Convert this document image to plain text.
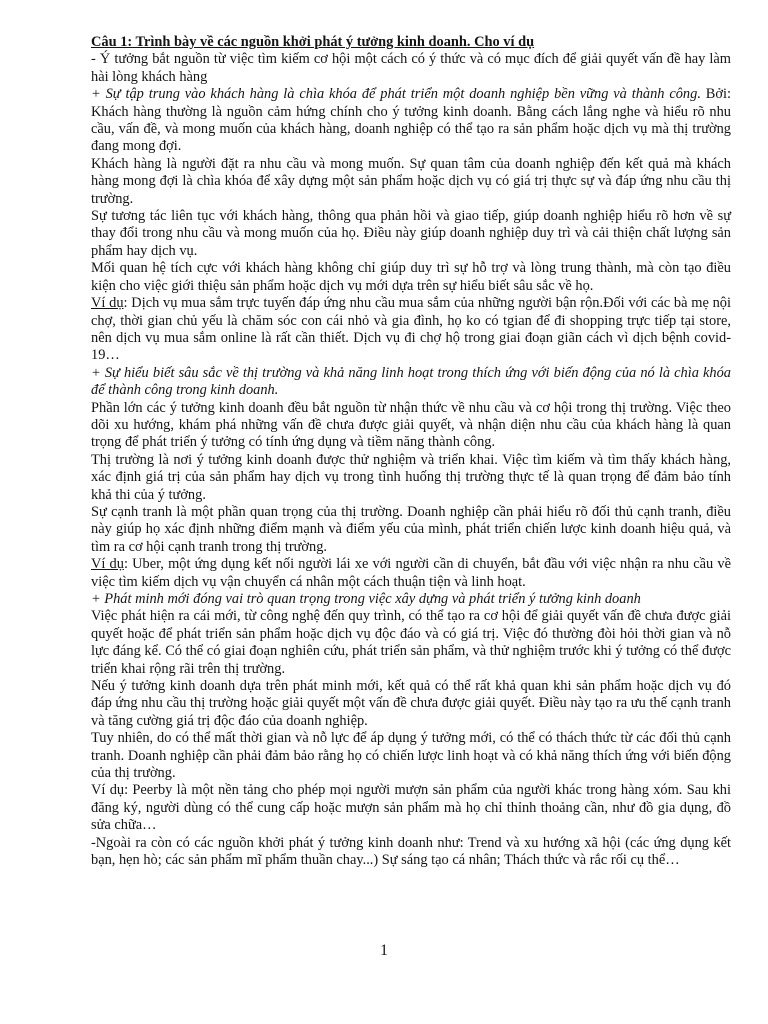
Câu 1: Trình bày về các nguồn khởi phát ý tưởng kinh doanh. Cho ví dụ

- Ý tưởng bắt nguồn từ việc tìm kiếm cơ hội một cách có ý thức và có mục đích để giải quyết vấn đề hay làm hài lòng khách hàng

+ Sự tập trung vào khách hàng là chìa khóa để phát triển một doanh nghiệp bền vững và thành công. Bởi: Khách hàng thường là nguồn cảm hứng chính cho ý tưởng kinh doanh. Bằng cách lắng nghe và hiểu rõ nhu cầu, vấn đề, và mong muốn của khách hàng, doanh nghiệp có thể tạo ra sản phẩm hoặc dịch vụ mà thị trường đang mong đợi.

Khách hàng là người đặt ra nhu cầu và mong muốn. Sự quan tâm của doanh nghiệp đến kết quả mà khách hàng mong đợi là chìa khóa để xây dựng một sản phẩm hoặc dịch vụ có giá trị thực sự và đáp ứng nhu cầu thị trường.

Sự tương tác liên tục với khách hàng, thông qua phản hồi và giao tiếp, giúp doanh nghiệp hiểu rõ hơn về sự thay đổi trong nhu cầu và mong muốn của họ. Điều này giúp doanh nghiệp duy trì và cải thiện chất lượng sản phẩm hay dịch vụ.

Mối quan hệ tích cực với khách hàng không chỉ giúp duy trì sự hỗ trợ và lòng trung thành, mà còn tạo điều kiện cho việc giới thiệu sản phẩm hoặc dịch vụ mới dựa trên sự hiểu biết sâu sắc về họ.

Ví dụ: Dịch vụ mua sắm trực tuyến đáp ứng nhu cầu mua sắm của những người bận rộn.Đối với các bà mẹ nội chợ, thời gian chủ yếu là chăm sóc con cái nhỏ và gia đình, họ ko có tgian để đi shopping trực tiếp tại store, nên dịch vụ mua sắm online là rất cần thiết. Dịch vụ đi chợ hộ trong giai đoạn giãn cách vì dịch bệnh covid-19…

+ Sự hiểu biết sâu sắc về thị trường và khả năng linh hoạt trong thích ứng với biến động của nó là chìa khóa để thành công trong kinh doanh.

Phần lớn các ý tưởng kinh doanh đều bắt nguồn từ nhận thức về nhu cầu và cơ hội trong thị trường. Việc theo dõi xu hướng, khám phá những vấn đề chưa được giải quyết, và nhận diện nhu cầu của khách hàng là quan trọng để phát triển ý tưởng có tính ứng dụng và tiềm năng thành công.

Thị trường là nơi ý tưởng kinh doanh được thử nghiệm và triển khai. Việc tìm kiếm và tìm thấy khách hàng, xác định giá trị của sản phẩm hay dịch vụ trong tình huống thị trường thực tế là quan trọng để đảm bảo tính khả thi của ý tưởng.

Sự cạnh tranh là một phần quan trọng của thị trường. Doanh nghiệp cần phải hiểu rõ đối thủ cạnh tranh, điều này giúp họ xác định những điểm mạnh và điểm yếu của mình, phát triển chiến lược kinh doanh hiệu quả, và tìm ra cơ hội cạnh tranh trong thị trường.

Ví dụ: Uber, một ứng dụng kết nối người lái xe với người cần di chuyển, bắt đầu với việc nhận ra nhu cầu về việc tìm kiếm dịch vụ vận chuyển cá nhân một cách thuận tiện và linh hoạt.

+ Phát minh mới đóng vai trò quan trọng trong việc xây dựng và phát triển ý tưởng kinh doanh

Việc phát hiện ra cái mới, từ công nghệ đến quy trình, có thể tạo ra cơ hội để giải quyết vấn đề chưa được giải quyết hoặc để phát triển sản phẩm hoặc dịch vụ độc đáo và có giá trị. Việc đó thường đòi hỏi thời gian và nỗ lực đáng kể. Có thể có giai đoạn nghiên cứu, phát triển sản phẩm, và thử nghiệm trước khi ý tưởng có thể được triển khai rộng rãi trên thị trường.

Nếu ý tưởng kinh doanh dựa trên phát minh mới, kết quả có thể rất khả quan khi sản phẩm hoặc dịch vụ đó đáp ứng nhu cầu thị trường hoặc giải quyết một vấn đề chưa được giải quyết. Điều này tạo ra ưu thế cạnh tranh và tăng cường giá trị độc đáo của doanh nghiệp.

Tuy nhiên, do có thể mất thời gian và nỗ lực để áp dụng ý tưởng mới, có thể có thách thức từ các đối thủ cạnh tranh. Doanh nghiệp cần phải đảm bảo rằng họ có chiến lược linh hoạt và có khả năng thích ứng với biến động của thị trường.

Ví dụ: Peerby là một nền tảng cho phép mọi người mượn sản phẩm của người khác trong hàng xóm. Sau khi đăng ký, người dùng có thể cung cấp hoặc mượn sản phẩm mà họ chỉ thỉnh thoảng cần, như đồ gia dụng, đồ sửa chữa…

-Ngoài ra còn có các nguồn khởi phát ý tưởng kinh doanh như: Trend và xu hướng xã hội (các ứng dụng kết bạn, hẹn hò; các sản phẩm mĩ phẩm thuần chay...) Sự sáng tạo cá nhân; Thách thức và rắc rối cụ thể…

1
